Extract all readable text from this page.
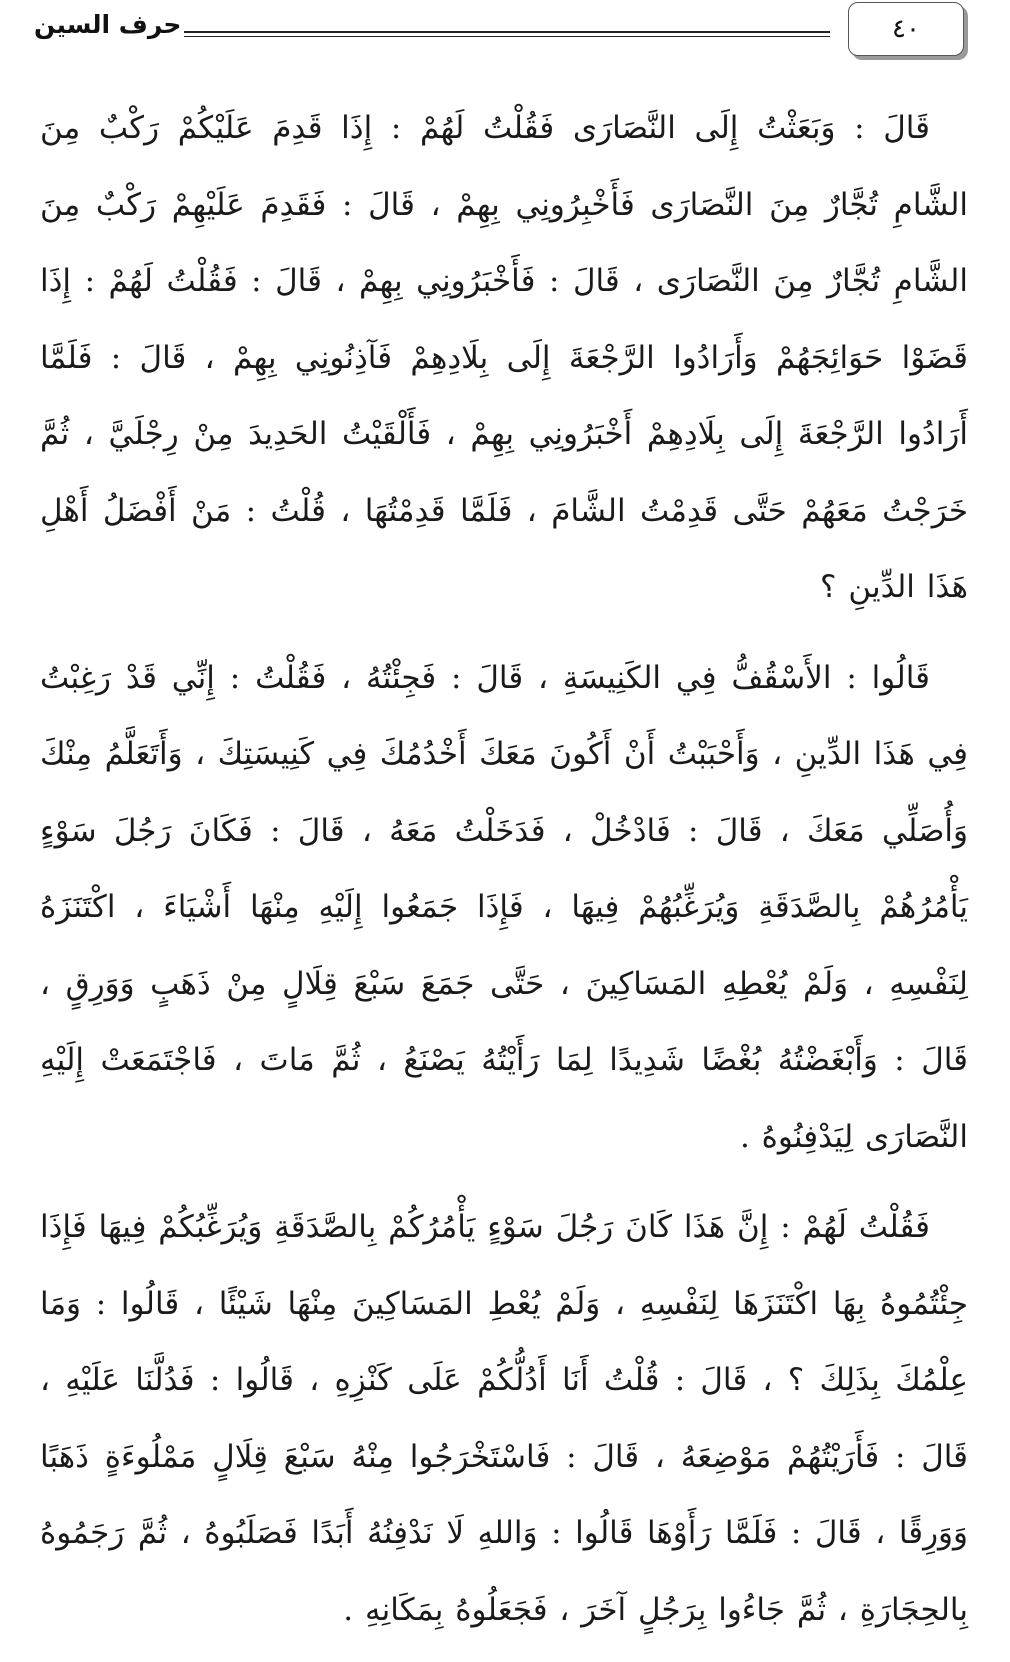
٤٠
حرف السين

قَالَ : وَبَعَثْتُ إِلَى النَّصَارَى فَقُلْتُ لَهُمْ : إِذَا قَدِمَ عَلَيْكُمْ رَكْبٌ مِنَ الشَّامِ تُجَّارٌ مِنَ النَّصَارَى فَأَخْبِرُونِي بِهِمْ ، قَالَ : فَقَدِمَ عَلَيْهِمْ رَكْبٌ مِنَ الشَّامِ تُجَّارٌ مِنَ النَّصَارَى ، قَالَ : فَأَخْبَرُونِي بِهِمْ ، قَالَ : فَقُلْتُ لَهُمْ : إِذَا قَضَوْا حَوَائِجَهُمْ وَأَرَادُوا الرَّجْعَةَ إِلَى بِلَادِهِمْ فَآذِنُونِي بِهِمْ ، قَالَ : فَلَمَّا أَرَادُوا الرَّجْعَةَ إِلَى بِلَادِهِمْ أَخْبَرُونِي بِهِمْ ، فَأَلْقَيْتُ الحَدِيدَ مِنْ رِجْلَيَّ ، ثُمَّ خَرَجْتُ مَعَهُمْ حَتَّى قَدِمْتُ الشَّامَ ، فَلَمَّا قَدِمْتُهَا ، قُلْتُ : مَنْ أَفْضَلُ أَهْلِ هَذَا الدِّينِ ؟

قَالُوا : الأَسْقُفُّ فِي الكَنِيسَةِ ، قَالَ : فَجِئْتُهُ ، فَقُلْتُ : إِنِّي قَدْ رَغِبْتُ فِي هَذَا الدِّينِ ، وَأَحْبَبْتُ أَنْ أَكُونَ مَعَكَ أَخْدُمُكَ فِي كَنِيسَتِكَ ، وَأَتَعَلَّمُ مِنْكَ وَأُصَلِّي مَعَكَ ، قَالَ : فَادْخُلْ ، فَدَخَلْتُ مَعَهُ ، قَالَ : فَكَانَ رَجُلَ سَوْءٍ يَأْمُرُهُمْ بِالصَّدَقَةِ وَيُرَغِّبُهُمْ فِيهَا ، فَإِذَا جَمَعُوا إِلَيْهِ مِنْهَا أَشْيَاءَ ، اكْتَنَزَهُ لِنَفْسِهِ ، وَلَمْ يُعْطِهِ المَسَاكِينَ ، حَتَّى جَمَعَ سَبْعَ قِلَالٍ مِنْ ذَهَبٍ وَوَرِقٍ ، قَالَ : وَأَبْغَضْتُهُ بُغْضًا شَدِيدًا لِمَا رَأَيْتُهُ يَصْنَعُ ، ثُمَّ مَاتَ ، فَاجْتَمَعَتْ إِلَيْهِ النَّصَارَى لِيَدْفِنُوهُ .

فَقُلْتُ لَهُمْ : إِنَّ هَذَا كَانَ رَجُلَ سَوْءٍ يَأْمُرُكُمْ بِالصَّدَقَةِ وَيُرَغِّبُكُمْ فِيهَا فَإِذَا جِئْتُمُوهُ بِهَا اكْتَنَزَهَا لِنَفْسِهِ ، وَلَمْ يُعْطِ المَسَاكِينَ مِنْهَا شَيْئًا ، قَالُوا : وَمَا عِلْمُكَ بِذَلِكَ ؟ ، قَالَ : قُلْتُ أَنَا أَدُلُّكُمْ عَلَى كَنْزِهِ ، قَالُوا : فَدُلَّنَا عَلَيْهِ ، قَالَ : فَأَرَيْتُهُمْ مَوْضِعَهُ ، قَالَ : فَاسْتَخْرَجُوا مِنْهُ سَبْعَ قِلَالٍ مَمْلُوءَةٍ ذَهَبًا وَوَرِقًا ، قَالَ : فَلَمَّا رَأَوْهَا قَالُوا : وَاللهِ لَا نَدْفِنُهُ أَبَدًا فَصَلَبُوهُ ، ثُمَّ رَجَمُوهُ بِالحِجَارَةِ ، ثُمَّ جَاءُوا بِرَجُلٍ آخَرَ ، فَجَعَلُوهُ بِمَكَانِهِ .
